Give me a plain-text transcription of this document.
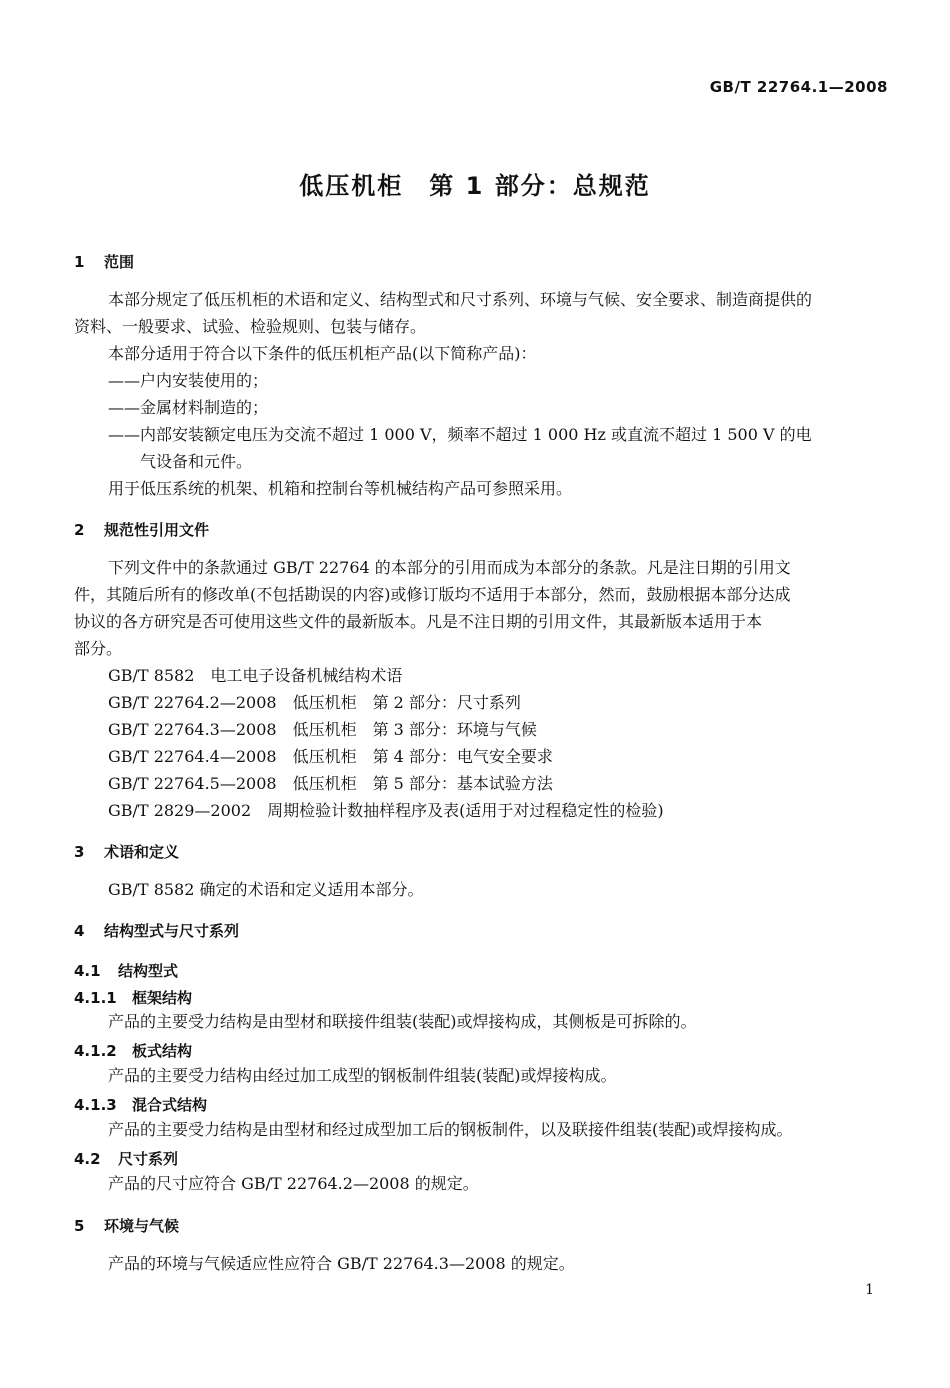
GB/T 22764.1—2008
低压机柜　第 1 部分：总规范
1 范围
本部分规定了低压机柜的术语和定义、结构型式和尺寸系列、环境与气候、安全要求、制造商提供的
资料、一般要求、试验、检验规则、包装与储存。
本部分适用于符合以下条件的低压机柜产品(以下简称产品)：
——户内安装使用的；
——金属材料制造的；
——内部安装额定电压为交流不超过 1 000 V，频率不超过 1 000 Hz 或直流不超过 1 500 V 的电
气设备和元件。
用于低压系统的机架、机箱和控制台等机械结构产品可参照采用。
2 规范性引用文件
下列文件中的条款通过 GB/T 22764 的本部分的引用而成为本部分的条款。凡是注日期的引用文
件，其随后所有的修改单(不包括勘误的内容)或修订版均不适用于本部分，然而，鼓励根据本部分达成
协议的各方研究是否可使用这些文件的最新版本。凡是不注日期的引用文件，其最新版本适用于本
部分。
GB/T 8582　电工电子设备机械结构术语
GB/T 22764.2—2008　低压机柜　第 2 部分：尺寸系列
GB/T 22764.3—2008　低压机柜　第 3 部分：环境与气候
GB/T 22764.4—2008　低压机柜　第 4 部分：电气安全要求
GB/T 22764.5—2008　低压机柜　第 5 部分：基本试验方法
GB/T 2829—2002　周期检验计数抽样程序及表(适用于对过程稳定性的检验)
3 术语和定义
GB/T 8582 确定的术语和定义适用本部分。
4 结构型式与尺寸系列
4.1 结构型式
4.1.1 框架结构
产品的主要受力结构是由型材和联接件组装(装配)或焊接构成，其侧板是可拆除的。
4.1.2 板式结构
产品的主要受力结构由经过加工成型的钢板制件组装(装配)或焊接构成。
4.1.3 混合式结构
产品的主要受力结构是由型材和经过成型加工后的钢板制件，以及联接件组装(装配)或焊接构成。
4.2 尺寸系列
产品的尺寸应符合 GB/T 22764.2—2008 的规定。
5 环境与气候
产品的环境与气候适应性应符合 GB/T 22764.3—2008 的规定。
1
